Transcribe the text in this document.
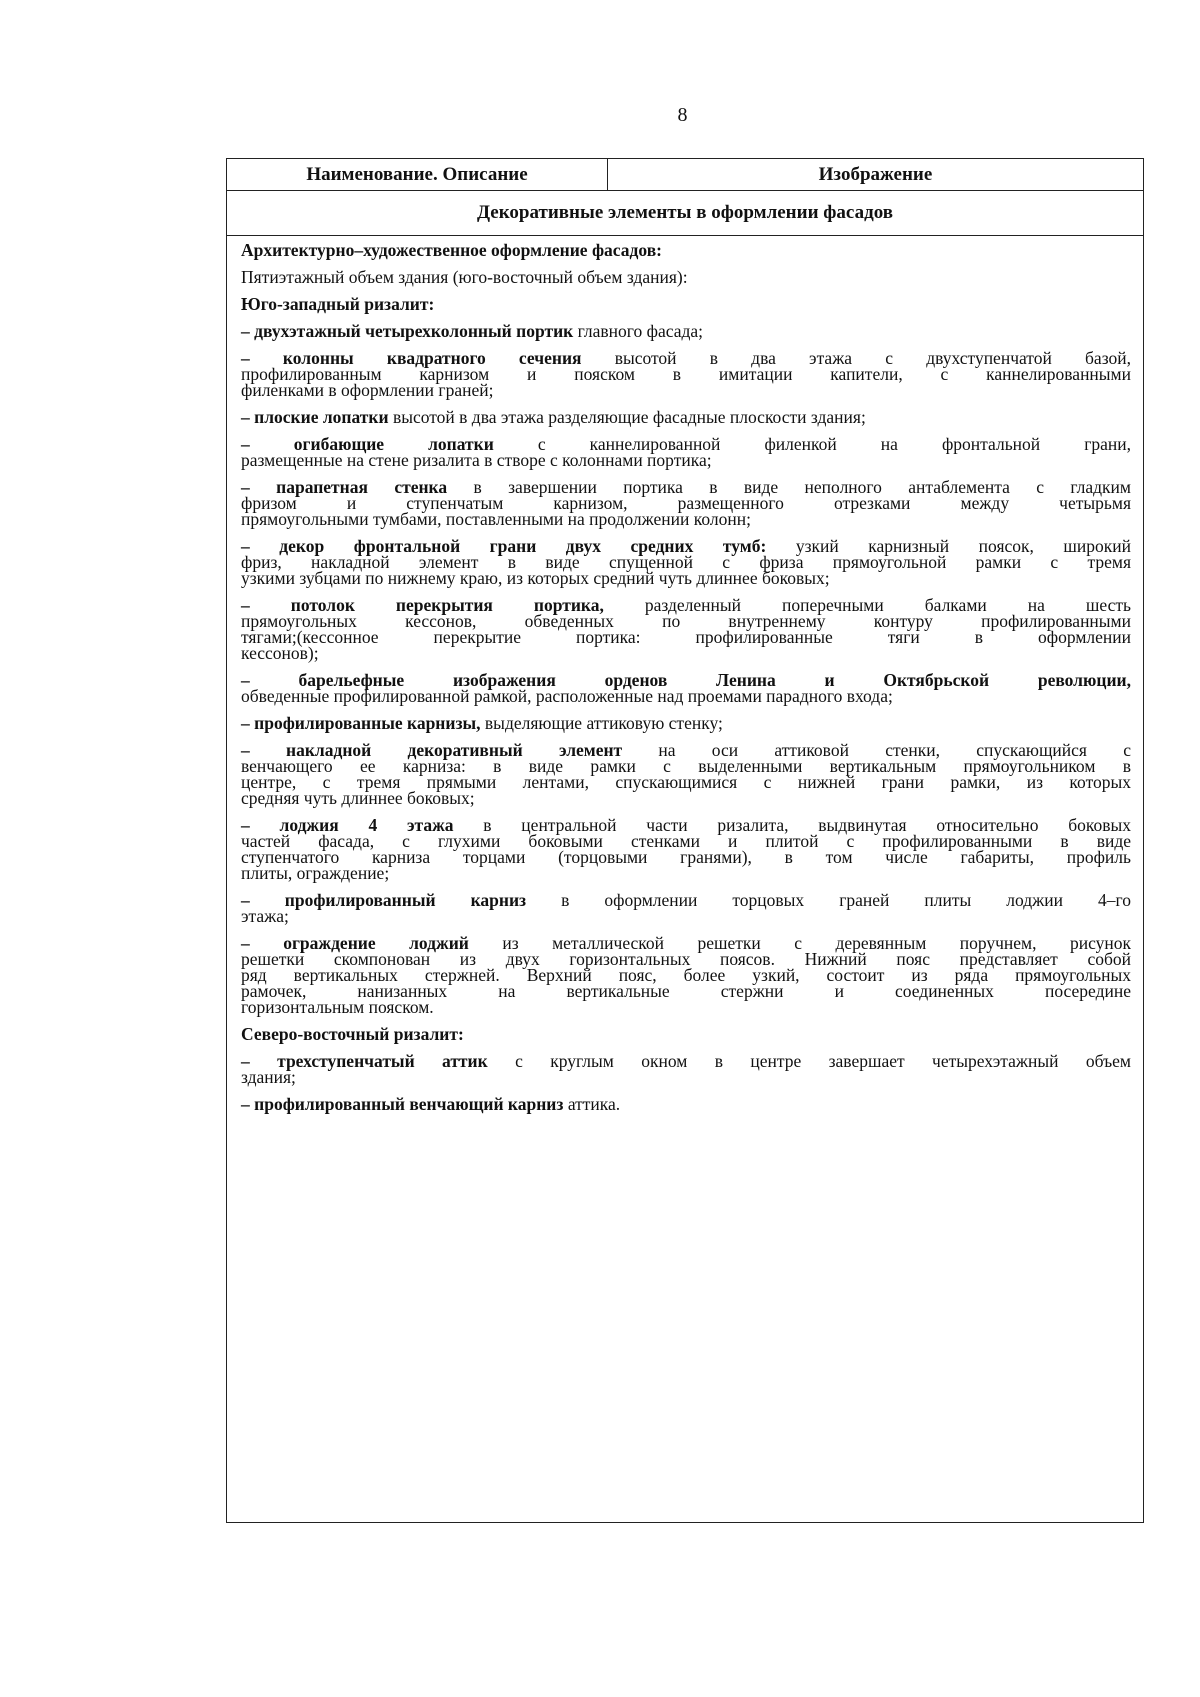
8
Наименование. Описание	Изображение
Декоративные элементы в оформлении фасадов
Архитектурно–художественное оформление фасадов:
Пятиэтажный объем здания (юго-восточный объем здания):
Юго-западный ризалит:
– двухэтажный четырехколонный портик главного фасада;
– колонны квадратного сечения высотой в два этажа с двухступенчатой базой,
профилированным карнизом и пояском в имитации капители, с каннелированными
филенками в оформлении граней;
– плоские лопатки высотой в два этажа разделяющие фасадные плоскости здания;
– огибающие лопатки с каннелированной филенкой на фронтальной грани,
размещенные на стене ризалита в створе с колоннами портика;
– парапетная стенка в завершении портика в виде неполного антаблемента с гладким
фризом и ступенчатым карнизом, размещенного отрезками между четырьмя
прямоугольными тумбами, поставленными на продолжении колонн;
– декор фронтальной грани двух средних тумб: узкий карнизный поясок, широкий
фриз, накладной элемент в виде спущенной с фриза прямоугольной рамки с тремя
узкими зубцами по нижнему краю, из которых средний чуть длиннее боковых;
– потолок перекрытия портика, разделенный поперечными балками на шесть
прямоугольных кессонов, обведенных по внутреннему контуру профилированными
тягами;(кессонное перекрытие портика: профилированные тяги в оформлении
кессонов);
– барельефные изображения орденов Ленина и Октябрьской революции,
обведенные профилированной рамкой, расположенные над проемами парадного входа;
– профилированные карнизы, выделяющие аттиковую стенку;
– накладной декоративный элемент на оси аттиковой стенки, спускающийся с
венчающего ее карниза: в виде рамки с выделенными вертикальным прямоугольником в
центре, с тремя прямыми лентами, спускающимися с нижней грани рамки, из которых
средняя чуть длиннее боковых;
– лоджия 4 этажа в центральной части ризалита, выдвинутая относительно боковых
частей фасада, с глухими боковыми стенками и плитой с профилированными в виде
ступенчатого карниза торцами (торцовыми гранями), в том числе габариты, профиль
плиты, ограждение;
– профилированный карниз в оформлении торцовых граней плиты лоджии 4–го
этажа;
– ограждение лоджий из металлической решетки с деревянным поручнем, рисунок
решетки скомпонован из двух горизонтальных поясов. Нижний пояс представляет собой
ряд вертикальных стержней. Верхний пояс, более узкий, состоит из ряда прямоугольных
рамочек, нанизанных на вертикальные стержни и соединенных посередине
горизонтальным пояском.
Северо-восточный ризалит:
– трехступенчатый аттик с круглым окном в центре завершает четырехэтажный объем
здания;
– профилированный венчающий карниз аттика.
